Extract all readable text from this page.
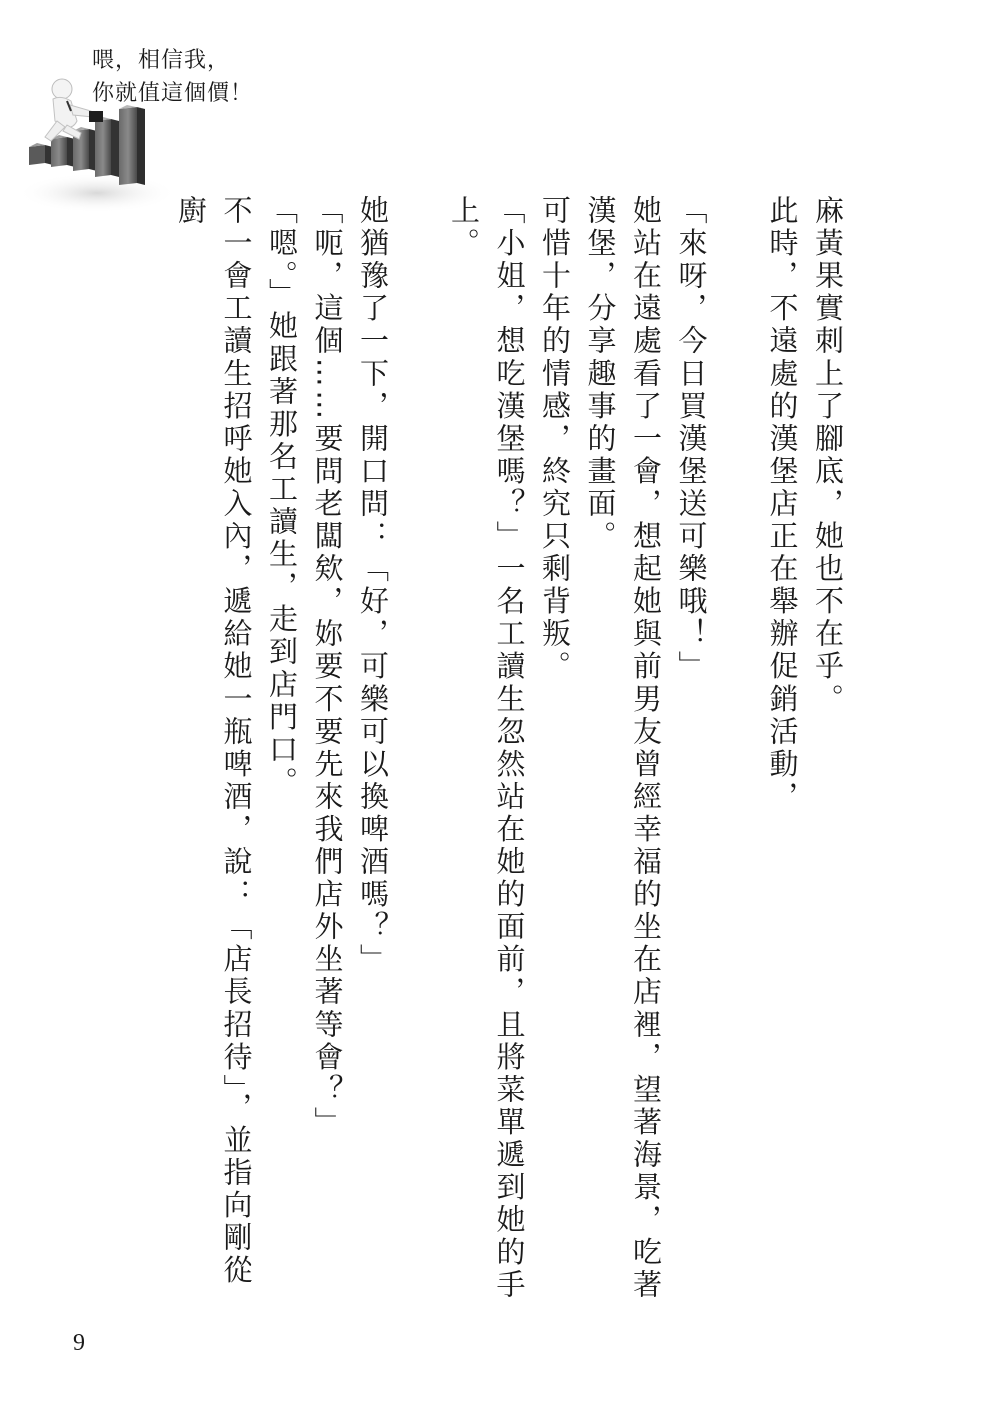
喂，相信我，
你就值這個價！

麻黃果實刺上了腳底，她也不在乎。

此時，不遠處的漢堡店正在舉辦促銷活動，

「來呀，今日買漢堡送可樂哦！」

她站在遠處看了一會，想起她與前男友曾經幸福的坐在店裡，望著海景，吃著漢堡，分享趣事的畫面。

可惜十年的情感，終究只剩背叛。

「小姐，想吃漢堡嗎？」一名工讀生忽然站在她的面前，且將菜單遞到她的手上。

她猶豫了一下，開口問：「好，可樂可以換啤酒嗎？」

「呃，這個……要問老闆欸，妳要不要先來我們店外坐著等會？」

「嗯。」她跟著那名工讀生，走到店門口。

不一會工讀生招呼她入內，遞給她一瓶啤酒，說：「店長招待」，並指向剛從廚

9
